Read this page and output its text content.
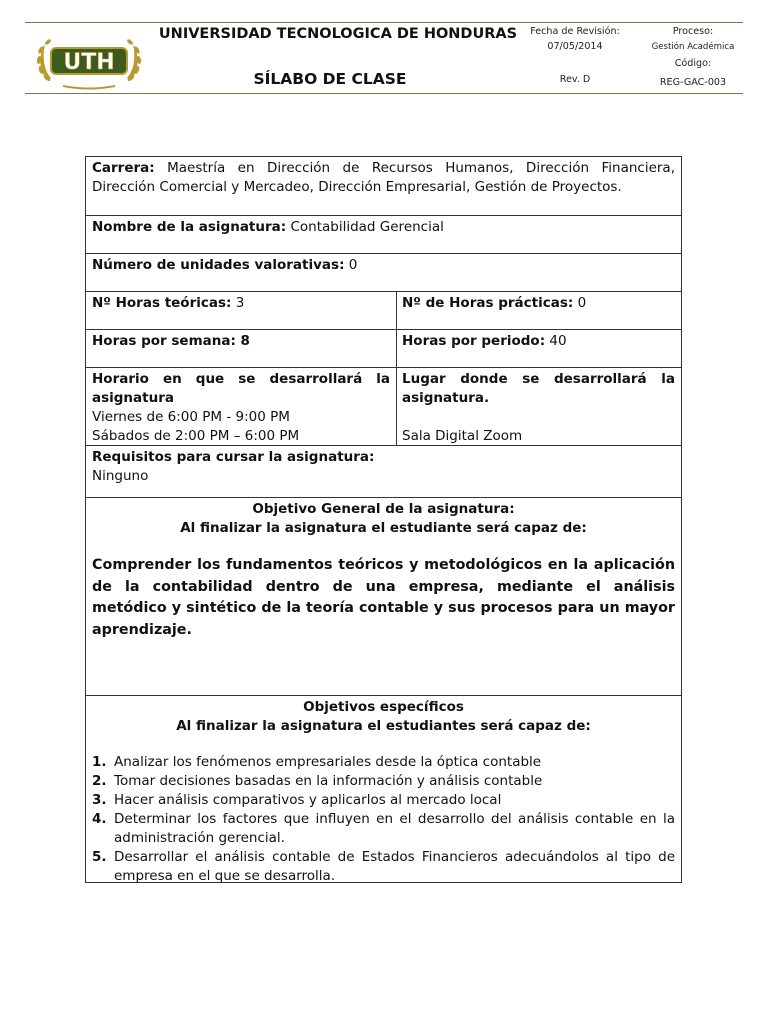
UTH
UNIVERSIDAD TECNOLOGICA DE HONDURAS
SÍLABO DE CLASE
Fecha de Revisión:
07/05/2014
Rev. D
Proceso:
Gestión Académica
Código:
REG-GAC-003
Carrera: Maestría en Dirección de Recursos Humanos, Dirección Financiera, Dirección Comercial y Mercadeo, Dirección Empresarial, Gestión de Proyectos.
Nombre de la asignatura: Contabilidad Gerencial
Número de unidades valorativas: 0
Nº Horas teóricas: 3	Nº de Horas prácticas: 0
Horas por semana: 8	Horas por periodo: 40
Horario en que se desarrollará la asignatura
Viernes de 6:00 PM - 9:00 PM
Sábados de 2:00 PM – 6:00 PM
Lugar donde se desarrollará la asignatura.
Sala Digital Zoom
Requisitos para cursar la asignatura:
Ninguno
Objetivo General de la asignatura:
Al finalizar la asignatura el estudiante será capaz de:
Comprender los fundamentos teóricos y metodológicos en la aplicación de la contabilidad dentro de una empresa, mediante el análisis metódico y sintético de la teoría contable y sus procesos para un mayor aprendizaje.
Objetivos específicos
Al finalizar la asignatura el estudiantes será capaz de:
1. Analizar los fenómenos empresariales desde la óptica contable
2. Tomar decisiones basadas en la información y análisis contable
3. Hacer análisis comparativos y aplicarlos al mercado local
4. Determinar los factores que influyen en el desarrollo del análisis contable en la administración gerencial.
5. Desarrollar el análisis contable de Estados Financieros adecuándolos al tipo de empresa en el que se desarrolla.
